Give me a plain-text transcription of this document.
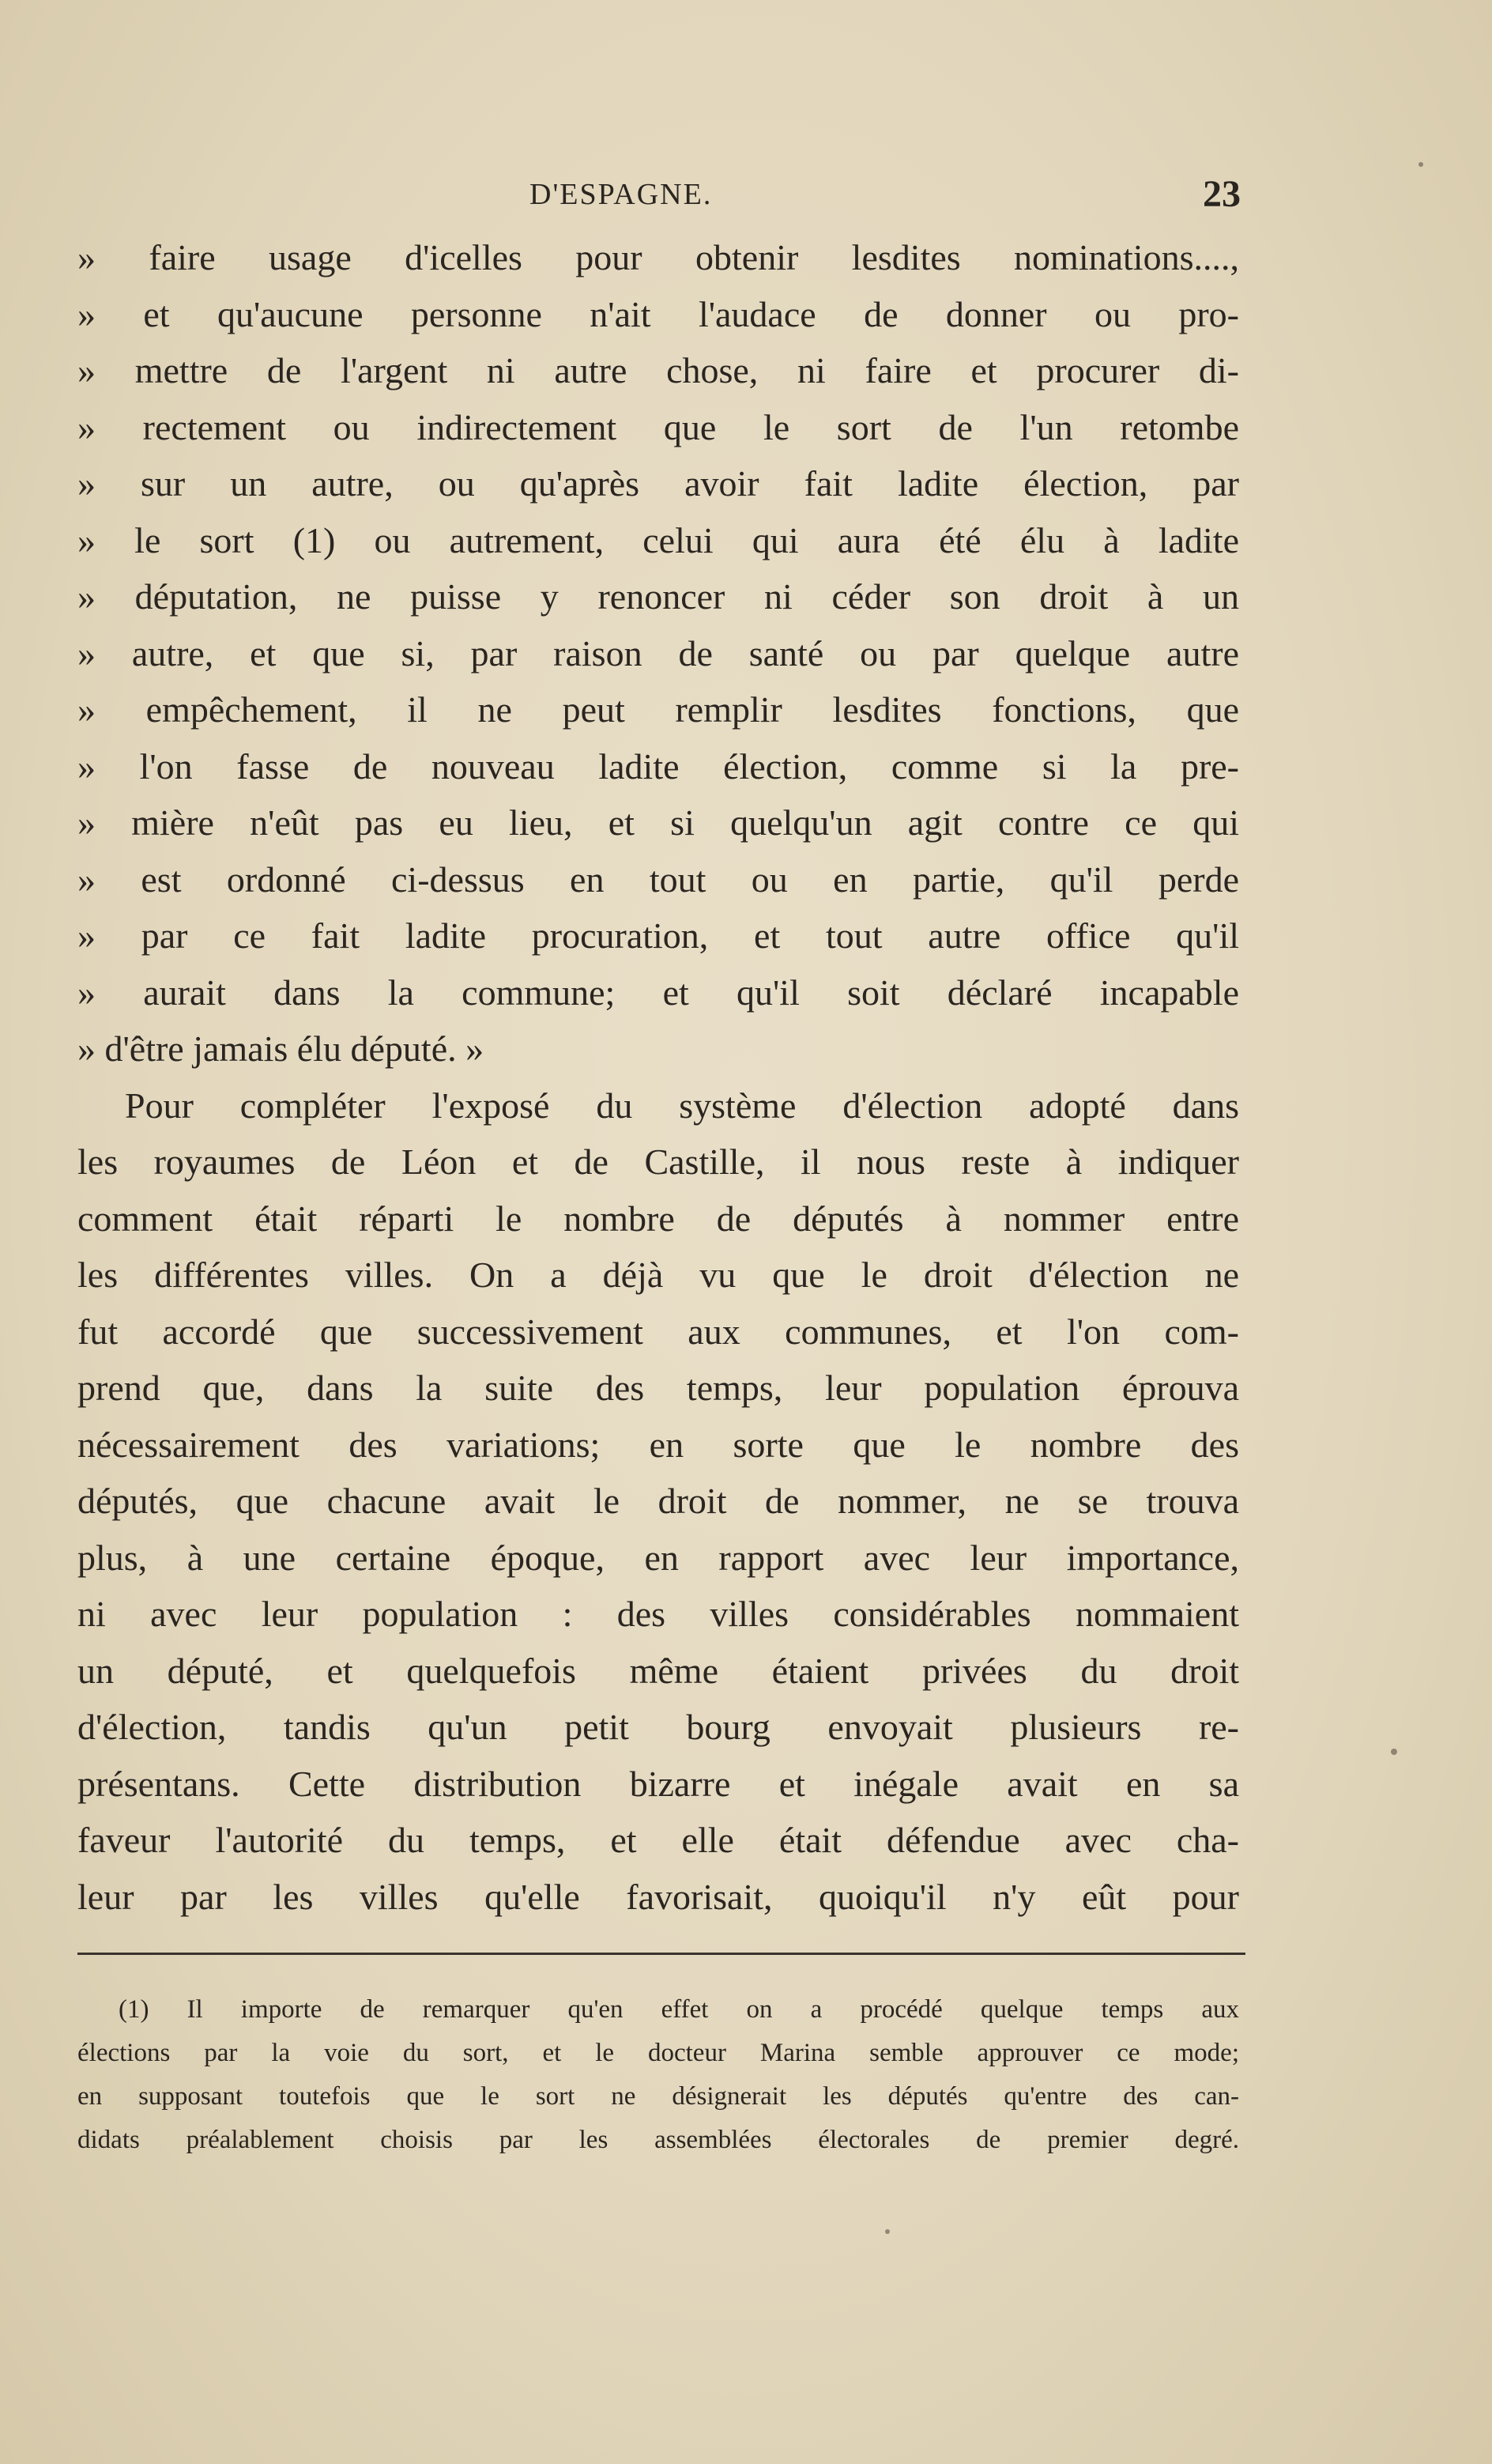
D'ESPAGNE.	23
» faire usage d'icelles pour obtenir lesdites nominations....,
» et qu'aucune personne n'ait l'audace de donner ou pro-
» mettre de l'argent ni autre chose, ni faire et procurer di-
» rectement ou indirectement que le sort de l'un retombe
» sur un autre, ou qu'après avoir fait ladite élection, par
» le sort (1) ou autrement, celui qui aura été élu à ladite
» députation, ne puisse y renoncer ni céder son droit à un
» autre, et que si, par raison de santé ou par quelque autre
» empêchement, il ne peut remplir lesdites fonctions, que
» l'on fasse de nouveau ladite élection, comme si la pre-
» mière n'eût pas eu lieu, et si quelqu'un agit contre ce qui
» est ordonné ci-dessus en tout ou en partie, qu'il perde
» par ce fait ladite procuration, et tout autre office qu'il
» aurait dans la commune; et qu'il soit déclaré incapable
» d'être jamais élu député. »
Pour compléter l'exposé du système d'élection adopté dans
les royaumes de Léon et de Castille, il nous reste à indiquer
comment était réparti le nombre de députés à nommer entre
les différentes villes. On a déjà vu que le droit d'élection ne
fut accordé que successivement aux communes, et l'on com-
prend que, dans la suite des temps, leur population éprouva
nécessairement des variations; en sorte que le nombre des
députés, que chacune avait le droit de nommer, ne se trouva
plus, à une certaine époque, en rapport avec leur importance,
ni avec leur population : des villes considérables nommaient
un député, et quelquefois même étaient privées du droit
d'élection, tandis qu'un petit bourg envoyait plusieurs re-
présentans. Cette distribution bizarre et inégale avait en sa
faveur l'autorité du temps, et elle était défendue avec cha-
leur par les villes qu'elle favorisait, quoiqu'il n'y eût pour
(1) Il importe de remarquer qu'en effet on a procédé quelque temps aux
élections par la voie du sort, et le docteur Marina semble approuver ce mode;
en supposant toutefois que le sort ne désignerait les députés qu'entre des can-
didats préalablement choisis par les assemblées électorales de premier degré.
